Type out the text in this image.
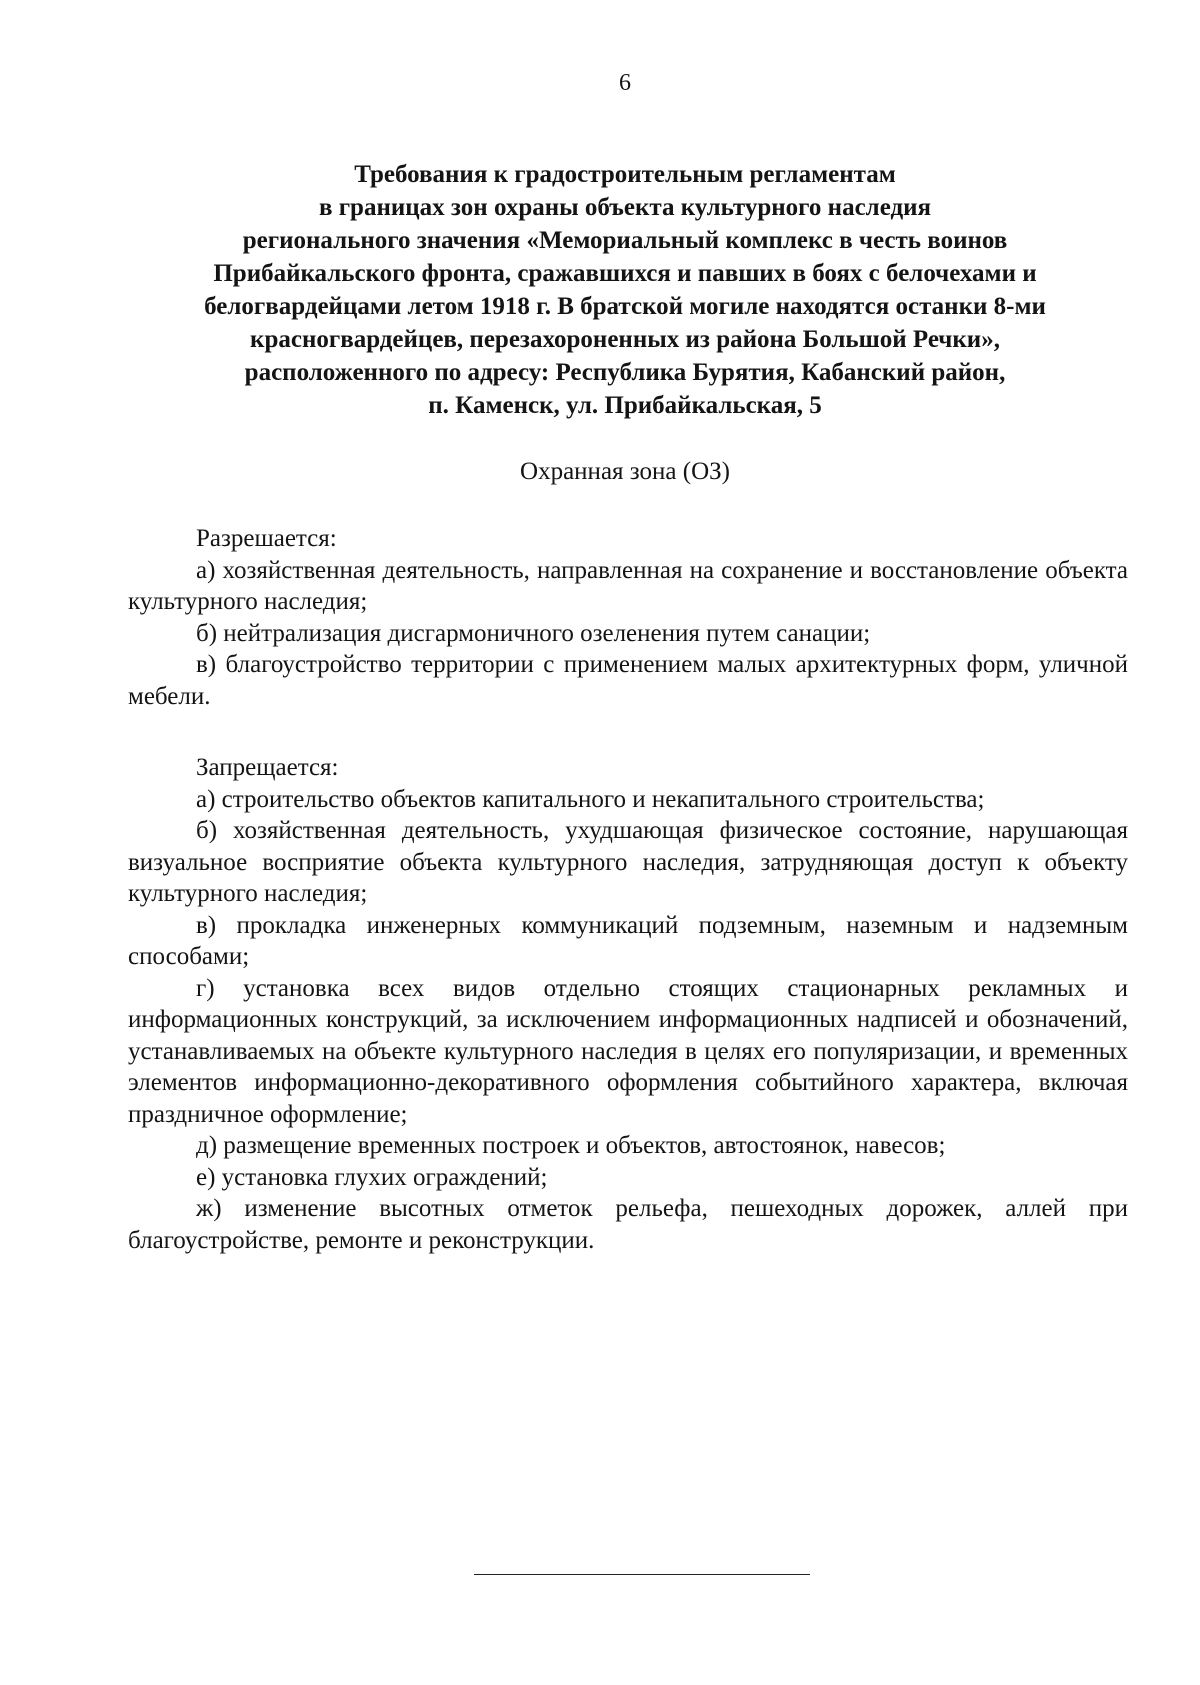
6
Требования к градостроительным регламентам
в границах зон охраны объекта культурного наследия
регионального значения «Мемориальный комплекс в честь воинов
Прибайкальского фронта, сражавшихся и павших в боях с белочехами и
белогвардейцами летом 1918 г. В братской могиле находятся останки 8-ми
красногвардейцев, перезахороненных из района Большой Речки»,
расположенного по адресу: Республика Бурятия, Кабанский район,
п. Каменск, ул. Прибайкальская, 5
Охранная зона (ОЗ)
Разрешается:

а) хозяйственная деятельность, направленная на сохранение и восстановление объекта культурного наследия;

б) нейтрализация дисгармоничного озеленения путем санации;

в) благоустройство территории с применением малых архитектурных форм, уличной мебели.

Запрещается:

а) строительство объектов капитального и некапитального строительства;

б) хозяйственная деятельность, ухудшающая физическое состояние, нарушающая визуальное восприятие объекта культурного наследия, затрудняющая доступ к объекту культурного наследия;

в) прокладка инженерных коммуникаций подземным, наземным и надземным способами;

г) установка всех видов отдельно стоящих стационарных рекламных и информационных конструкций, за исключением информационных надписей и обозначений, устанавливаемых на объекте культурного наследия в целях его популяризации, и временных элементов информационно-декоративного оформления событийного характера, включая праздничное оформление;

д) размещение временных построек и объектов, автостоянок, навесов;

е) установка глухих ограждений;

ж) изменение высотных отметок рельефа, пешеходных дорожек, аллей при благоустройстве, ремонте и реконструкции.
